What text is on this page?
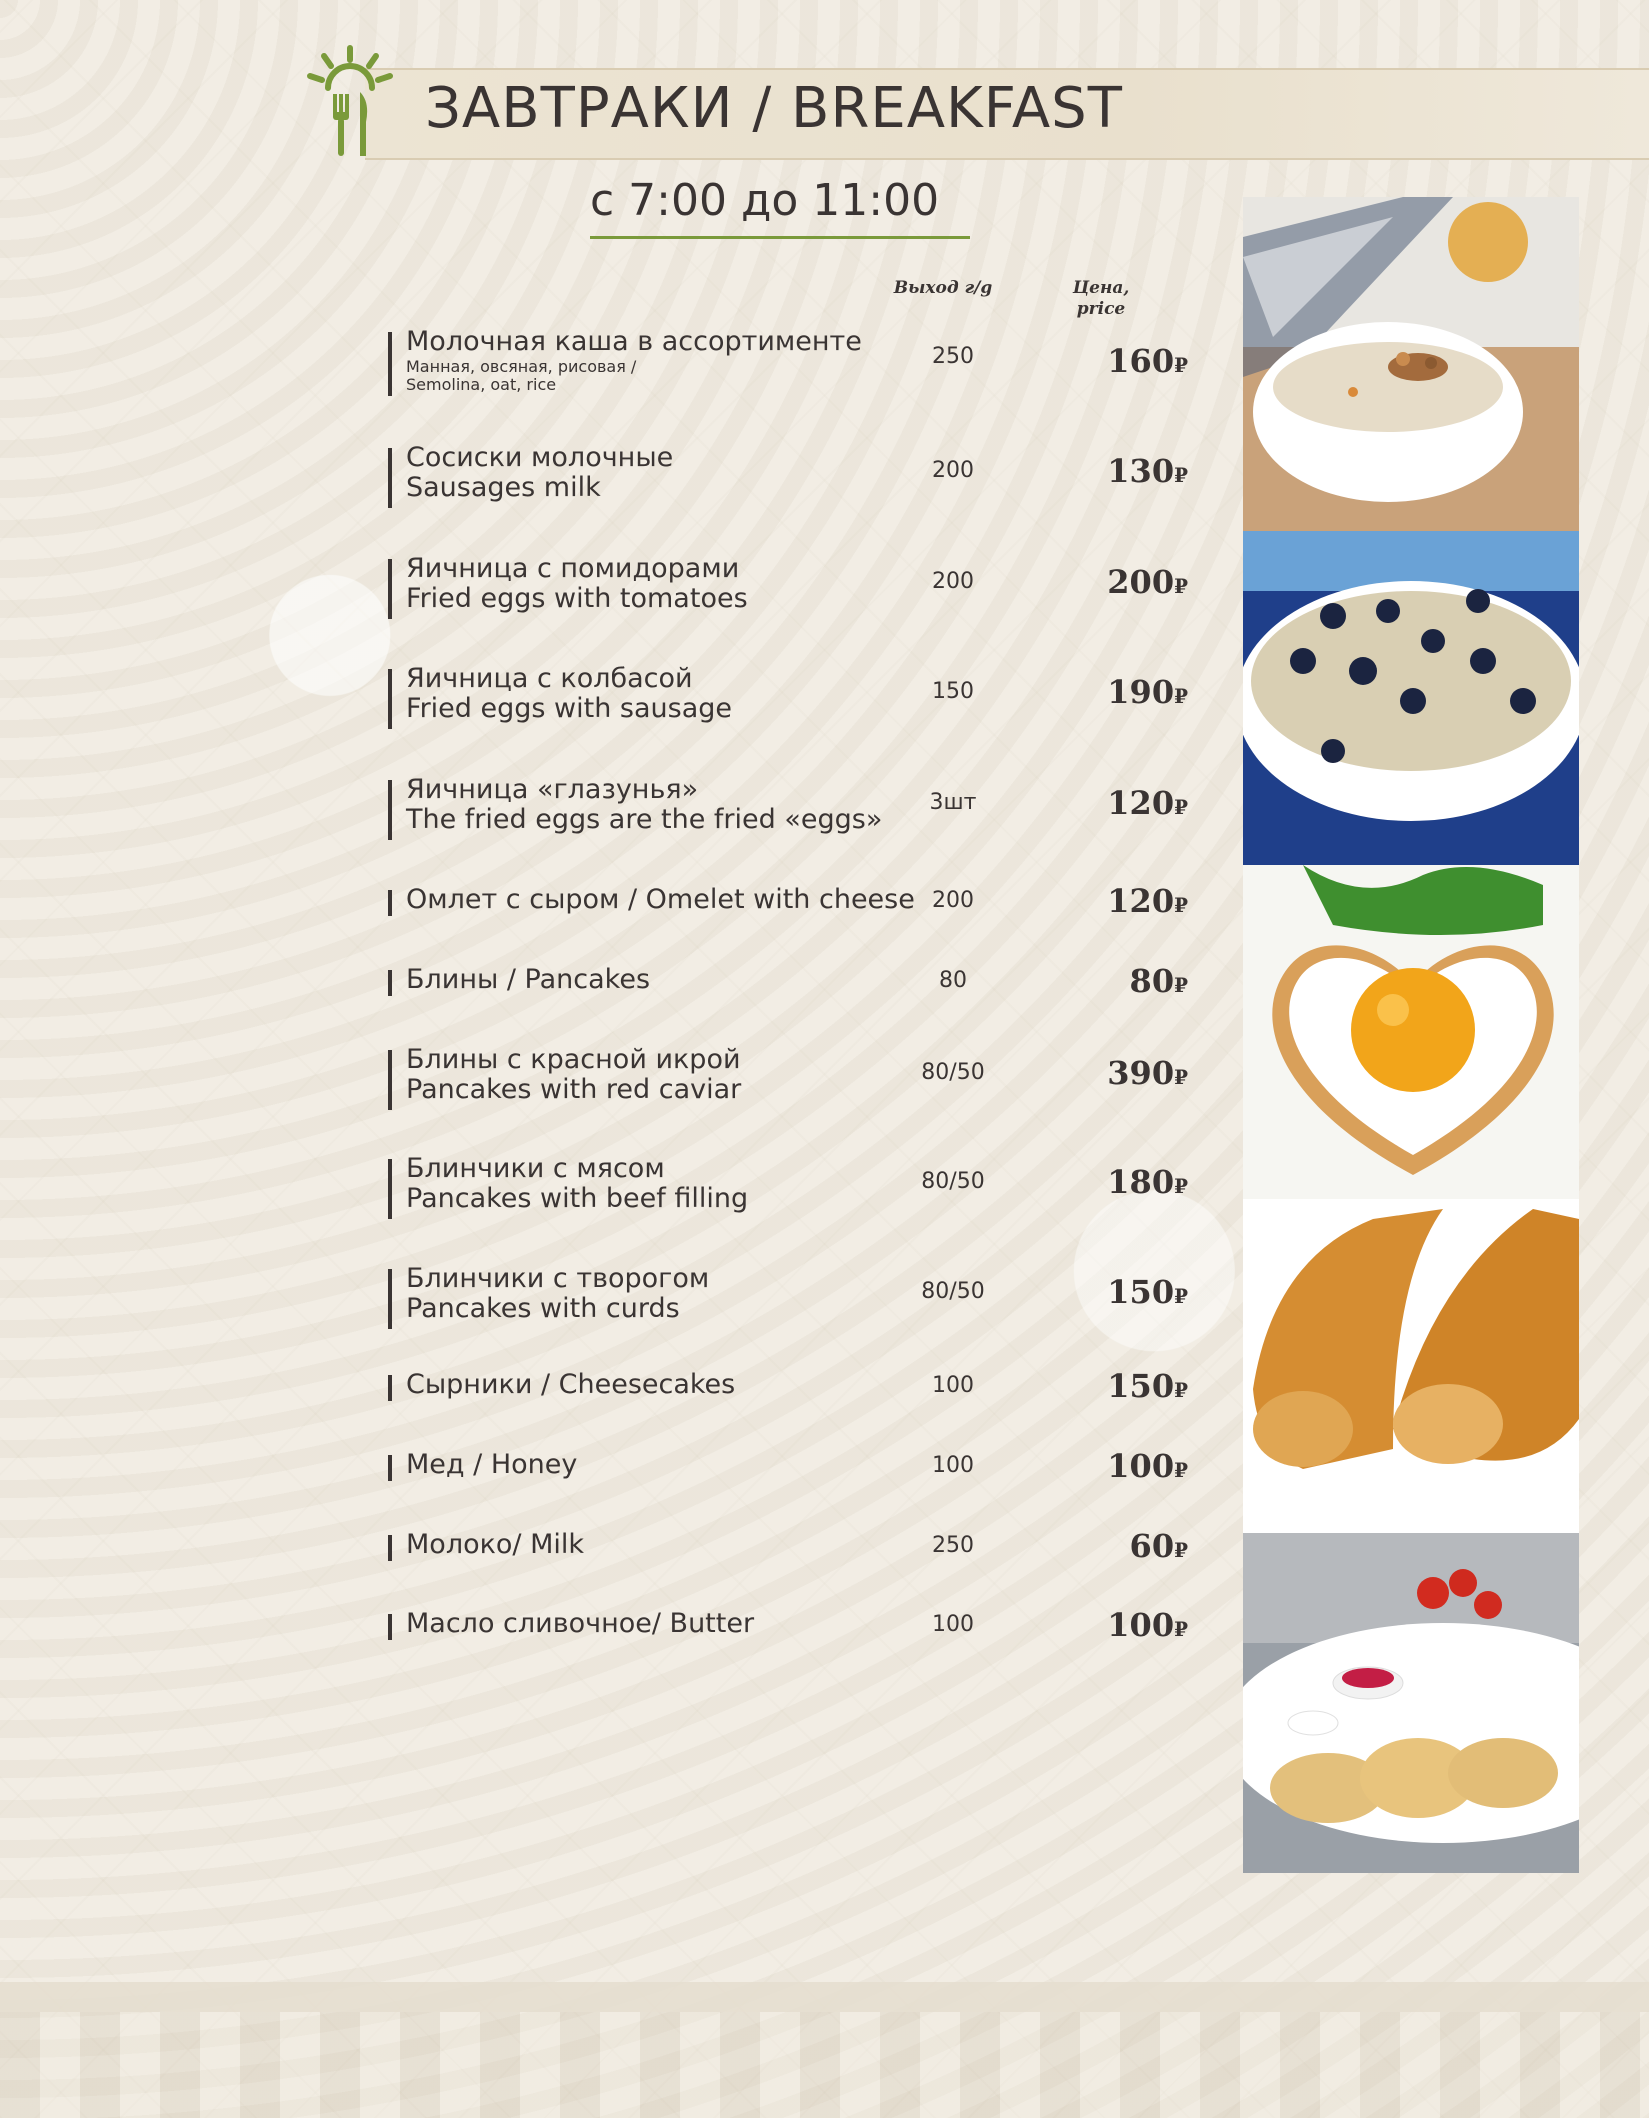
ЗАВТРАКИ / BREAKFAST
с 7:00 до 11:00
Выход г/g	Цена, price
Молочная каша в ассортименте
Манная, овсяная, рисовая /
Semolina, oat, rice
250	160₽
Сосиски молочные
Sausages milk
200	130₽
Яичница с помидорами
Fried eggs with tomatoes
200	200₽
Яичница с колбасой
Fried eggs with sausage
150	190₽
Яичница «глазунья»
The fried eggs are the fried «eggs»
3шт	120₽
Омлет с сыром / Omelet with cheese 200	120₽
Блины / Pancakes	80	80₽
Блины с красной икрой
Pancakes with red caviar
80/50	390₽
Блинчики с мясом
Pancakes with beef filling
80/50	180₽
Блинчики с творогом
Pancakes with curds
80/50	150₽
Сырники / Cheesecakes	100	150₽
Мед / Honey	100	100₽
Молоко/ Milk	250	60₽
Масло сливочное/ Butter	100	100₽
